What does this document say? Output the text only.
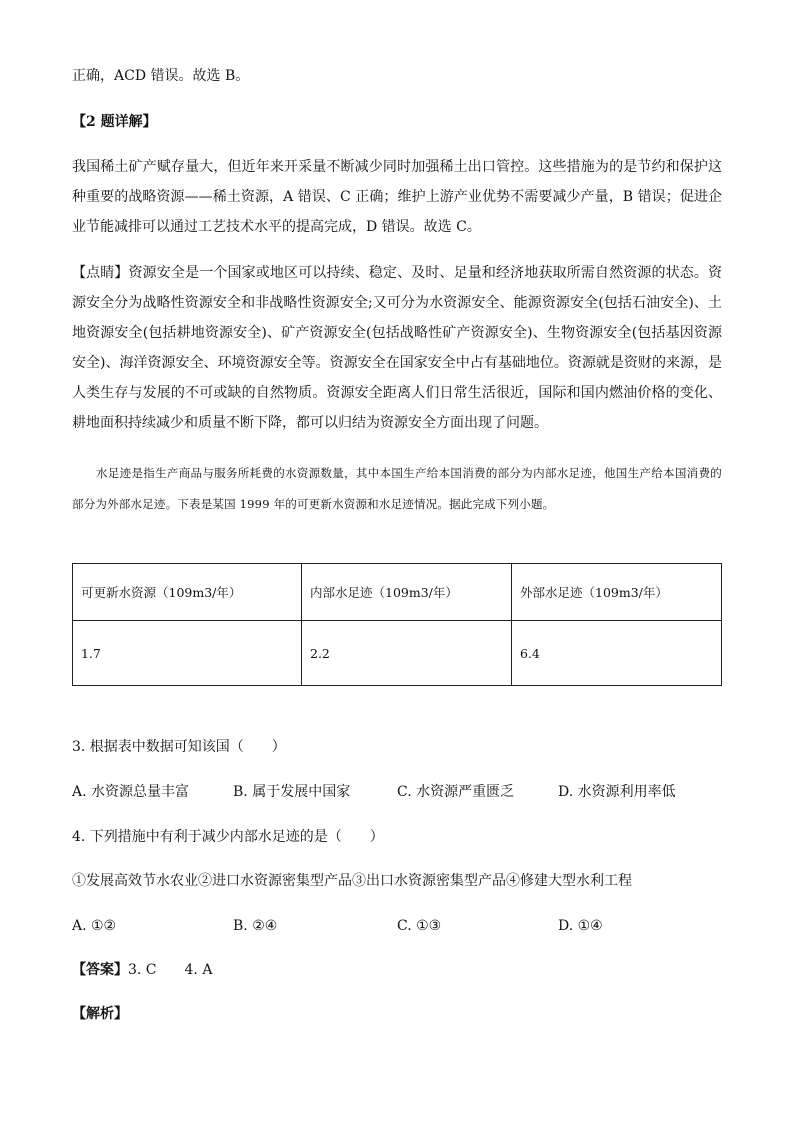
正确，ACD 错误。故选 B。
【2 题详解】
我国稀土矿产赋存量大，但近年来开采量不断减少同时加强稀土出口管控。这些措施为的是节约和保护这种重要的战略资源——稀土资源，A 错误、C 正确；维护上游产业优势不需要减少产量，B 错误；促进企业节能减排可以通过工艺技术水平的提高完成，D 错误。故选 C。
【点睛】资源安全是一个国家或地区可以持续、稳定、及时、足量和经济地获取所需自然资源的状态。资源安全分为战略性资源安全和非战略性资源安全;又可分为水资源安全、能源资源安全(包括石油安全)、土地资源安全(包括耕地资源安全)、矿产资源安全(包括战略性矿产资源安全)、生物资源安全(包括基因资源安全)、海洋资源安全、环境资源安全等。资源安全在国家安全中占有基础地位。资源就是资财的来源，是人类生存与发展的不可或缺的自然物质。资源安全距离人们日常生活很近，国际和国内燃油价格的变化、耕地面积持续减少和质量不断下降，都可以归结为资源安全方面出现了问题。
水足迹是指生产商品与服务所耗费的水资源数量，其中本国生产给本国消费的部分为内部水足迹，他国生产给本国消费的部分为外部水足迹。下表是某国 1999 年的可更新水资源和水足迹情况。据此完成下列小题。
可更新水资源（109m3/年）	内部水足迹（109m3/年）	外部水足迹（109m3/年）
1.7	2.2	6.4
3. 根据表中数据可知该国（　　）
A. 水资源总量丰富	B. 属于发展中国家	C. 水资源严重匮乏	D. 水资源利用率低
4. 下列措施中有利于减少内部水足迹的是（　　）
①发展高效节水农业②进口水资源密集型产品③出口水资源密集型产品④修建大型水利工程
A. ①②	B. ②④	C. ①③	D. ①④
【答案】3. C　　4. A
【解析】
